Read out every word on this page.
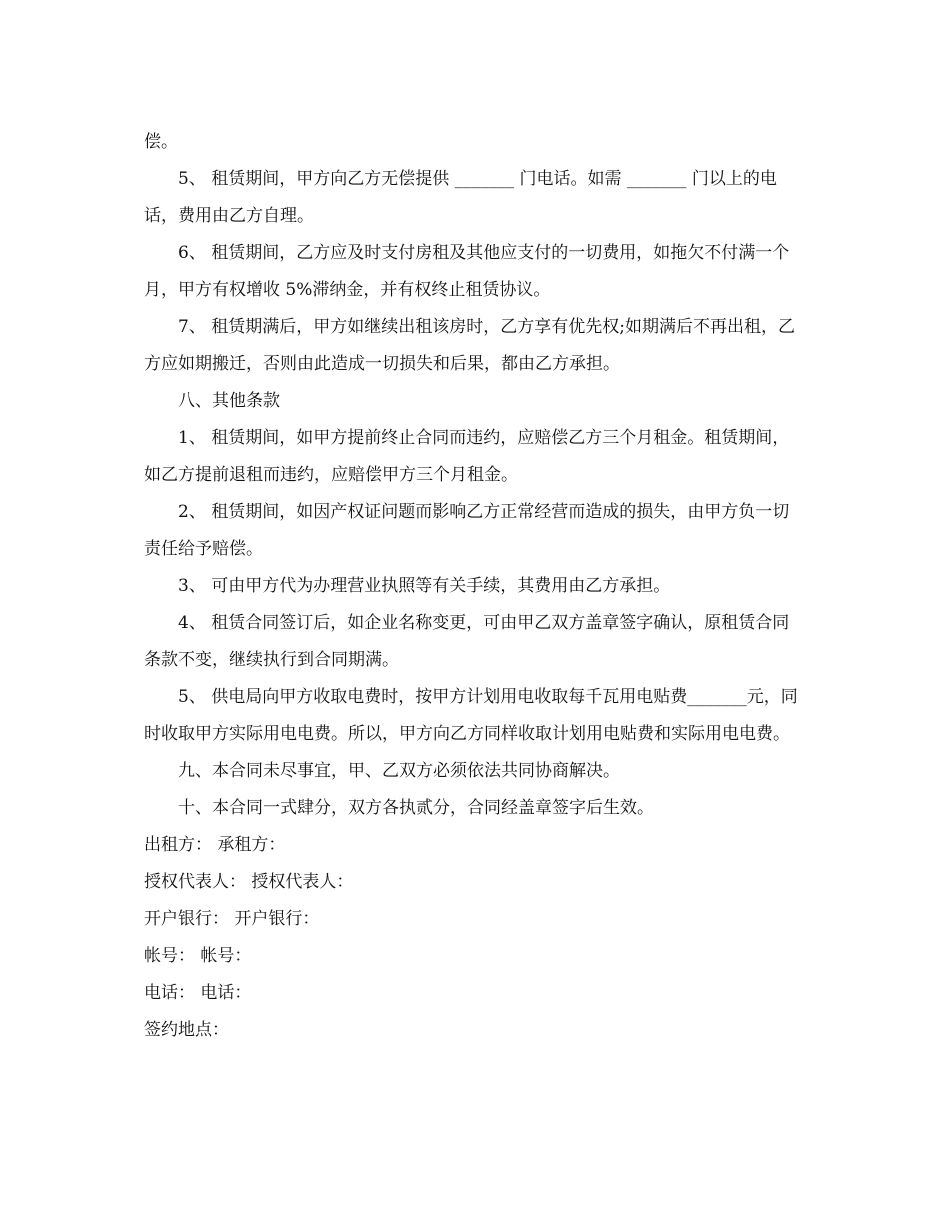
偿。

5、 租赁期间，甲方向乙方无偿提供 _______ 门电话。如需 _______ 门以上的电话，费用由乙方自理。

6、 租赁期间，乙方应及时支付房租及其他应支付的一切费用，如拖欠不付满一个月，甲方有权增收 5%滞纳金，并有权终止租赁协议。

7、 租赁期满后，甲方如继续出租该房时，乙方享有优先权;如期满后不再出租，乙方应如期搬迁，否则由此造成一切损失和后果，都由乙方承担。

八、其他条款

1、 租赁期间，如甲方提前终止合同而违约，应赔偿乙方三个月租金。租赁期间，如乙方提前退租而违约，应赔偿甲方三个月租金。

2、 租赁期间，如因产权证问题而影响乙方正常经营而造成的损失，由甲方负一切责任给予赔偿。

3、 可由甲方代为办理营业执照等有关手续，其费用由乙方承担。

4、 租赁合同签订后，如企业名称变更，可由甲乙双方盖章签字确认，原租赁合同条款不变，继续执行到合同期满。

5、 供电局向甲方收取电费时，按甲方计划用电收取每千瓦用电贴费_______元，同时收取甲方实际用电电费。所以，甲方向乙方同样收取计划用电贴费和实际用电电费。

九、本合同未尽事宜，甲、乙双方必须依法共同协商解决。

十、本合同一式肆分，双方各执贰分，合同经盖章签字后生效。

出租方： 承租方：

授权代表人： 授权代表人：

开户银行： 开户银行：

帐号： 帐号：

电话： 电话：

签约地点：
